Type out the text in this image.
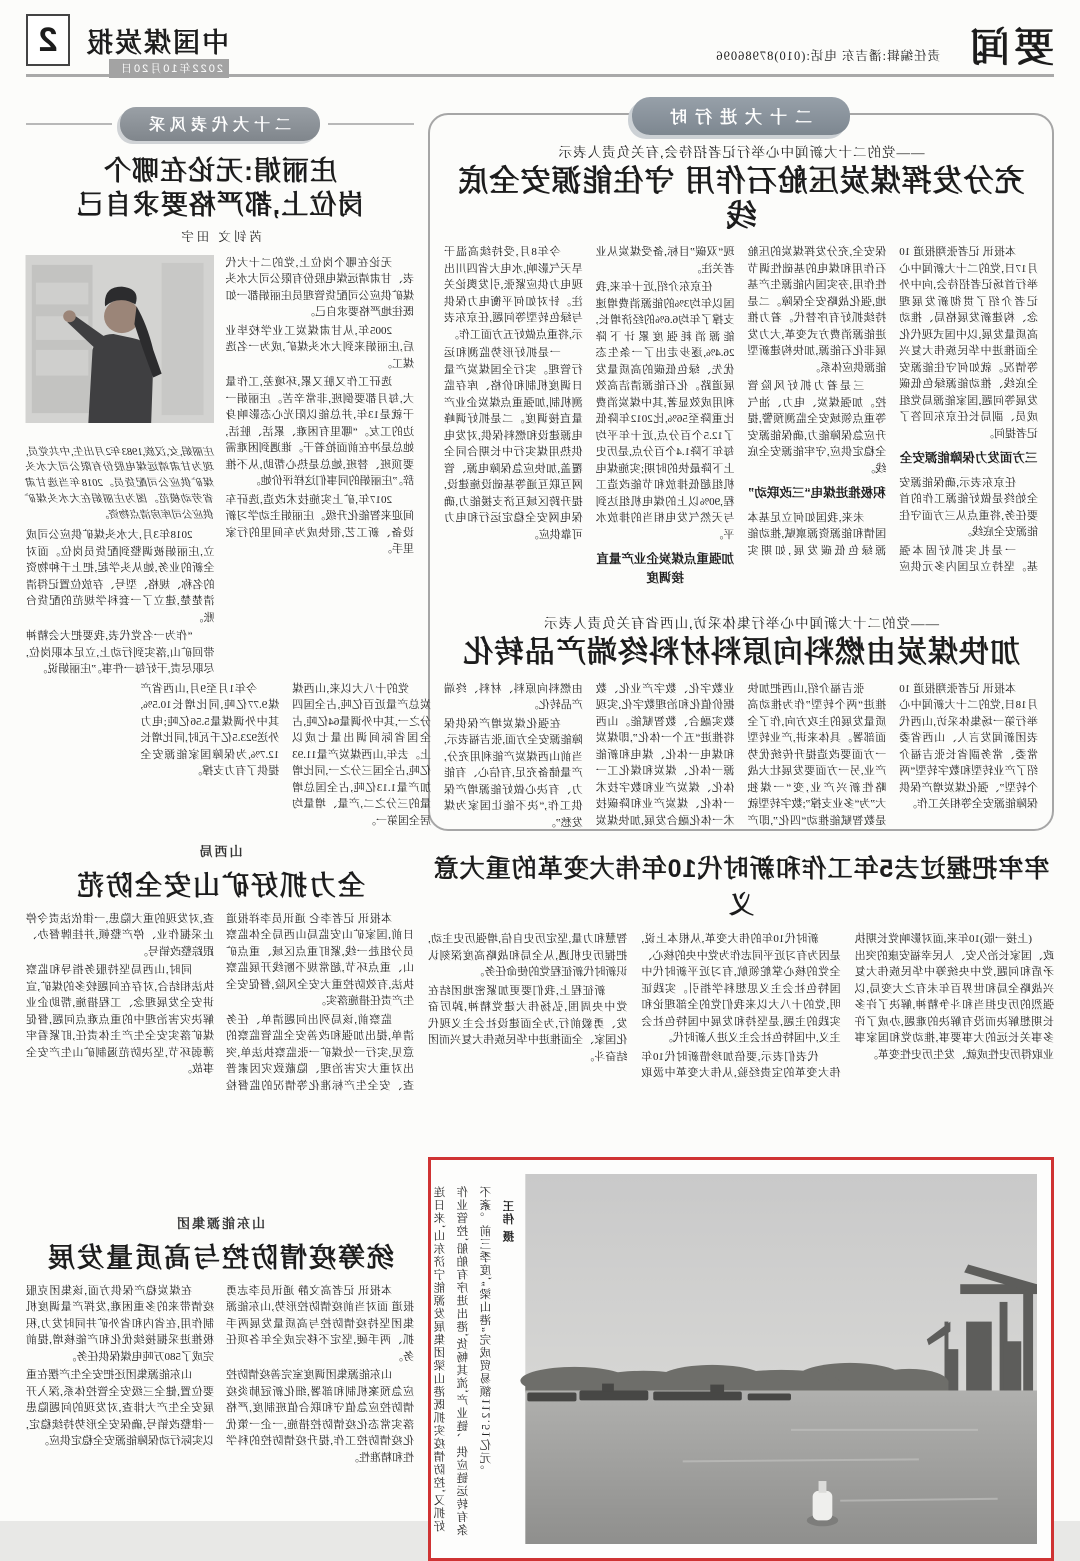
要闻
责任编辑:潘吉东 电话:(010)87986096
中国煤炭报
2022年10月20日
2
二十大进行时
——党的二十大新闻中心举行记者招待会,有关负责人表示
充分发挥煤炭压舱石作用 守住能源安全底线

本报讯 记者张翔报道 10月17日,党的二十大新闻中心举行首场记者招待会,向中外记者介绍了贯彻新发展理念、构建新发展格局、推动高质量发展,以中国式现代化全面推进中华民族伟大复兴等情况。就如何守住能源安全底线、推动能源绿色低碳发展等问题,国家能源局党组成员、副局长任京东回答了记者提问。

三方面发力保障能源安全

任京东表示,确保能源安全始终是做好能源工作的首要任务,将重点从三方面守住能源安全底线。

一是扎实抓好固本强基。坚持立足国内多元供应保安全,充分发挥煤炭的压舱石作用和煤电的基础性调节性作用,夯实国内能源生产基地,强化战略安全保障。二是持续抓好有序替代。着力推进能源消费方式变革,大力发展非化石能源,加快构建新型能源供应体系。

三是着力抓好风险管控。加强煤炭、电力、油气等重点领域安全监测预警,提升应急保障能力,确保能源安全稳定供应,守牢能源安全底线。

积极推进煤电“三改联动”

未来,我国如何立足基本国情和能源资源禀赋,推动能源绿色低碳发展,如期实现“双碳”目标,备受煤炭从业者关注。

任京东介绍,近十年来,我国以年均3%的能源消费增速支撑了年均6.6%的经济增长,能源消耗强度累计下降26.4%,逐步走出了一条生态优先、绿色低碳的高质量发展道路。化石能源清洁高效利用成效显著,其中煤炭消费比重降至56%,比2012年降低了12.5个百分点,近十年平均每年下降1.4个百分点,是历史上下降最快的时期;实施煤电机组超低排放和节能改造工程,90%以上的煤电机组达到与天然气发电相当的排放水平。

加强重点煤炭企业产量直接调度

今年8月,受持续高温干旱天气影响,水电大省四川出现电力供应紧张,引发舆论关注。针对如何平衡电力保供与绿色转型等问题,任京东表示,将重点做好五方面工作。

一是抓好形势监测和运行管理。实行全国煤炭产量日调度机制和价格、库存监测机制,加强重点煤炭企业产量直接调度。二是抓好调峰电源建设和燃料保供,对发电供热用煤实行中长期合同全覆盖,加快应急保障电源、管网互联互通等基础设施建设,提升跨区域互济支援能力,确保电网安全稳定运行和电力可靠供应。

——党的二十大新闻中心举行集体采访,山西省有关负责人表示
加快煤炭由燃料向原料材料终端产品转化

本报讯 记者张翔报道 10月18日,党的二十大新闻中心举行第一场集体采访,山西代表团新闻发言人、山西省委常委、常务副省长张吉福介绍了产业转型和数字转型“两个转型”、强化煤炭增产保供保障能源安全等相关工作。

张吉福介绍,山西把加快推进“两个转型”作为推动高质量发展的主攻方向,作了全面部署。具体来讲,产业转型一方面要改造提升传统优势产业,另一方面要发展壮大战略性新兴产业,变“一煤独大”为“多业支撑”;数字转型就是数智赋能推动“四化”,即产业数字化、数字产业化、数据价值化和治理数字化,实现数实融合、数智赋能。山西将推进“五个一体化”,即煤炭和煤电一体化、煤电和新能源一体化、煤炭和煤化工一体化、煤炭产业和数字技术一体化、煤炭产业和降碳技术一体化融合发展,加快煤炭由燃料向原料、材料、终端产品转化。

在强化煤炭增产保供保障能源安全方面,张吉福表示,当前山西煤炭产能利用充分,产量储备充足,有信心、有能力、有决心做好能源增产保供工作,“决不能让国家为煤发愁”。

党的十八大以来,山西煤炭总产量近百亿吨,占全国四分之一,其中外调量64亿吨,占全国省际间调出量七成以上。去年,山西煤炭产量11.93亿吨,占全国三分之一,同比增加产量1.13亿吨,占全国总增量的三分之二,产量、增量均居全国第一。

今年1月至9月,山西省产煤9.77亿吨,同比增长10.5%,其中外调煤量5.56亿吨;电力外送923.5亿千瓦时,同比增长12.7%,为保障国家能源安全提供了有力支撑。

牢牢把握过去5年工作和新时代10年伟大变革的重大意义

(上接一版)10年来,面对影响党长期执政、国家长治久安、人民幸福安康的突出矛盾和问题,党中央统筹中华民族伟大复兴战略全局和世界百年未有之大变局,以强烈的历史担当和斗争精神,解决了许多长期想解决而没有解决的难题,办成了许多事关长远的大事要事,推动党和国家事业取得历史性成就、发生历史性变革。

新时代10年的伟大变革,从根本上说,是因为有习近平同志作为党中央的核心、全党的核心掌舵领航,有习近平新时代中国特色社会主义思想科学指引。实践证明,党的十八大以来我们党的全部理论和实践的主题,是坚持和发展中国特色社会主义,中国特色社会主义进入新时代。

代表们表示,要倍加珍惜新时代10年伟大变革的宝贵经验,从伟大变革中汲取智慧和力量,坚定历史自信,增强历史主动,把握历史机遇,从全局和战略高度深刻认识新时代新征程党的使命任务。

新征程上,我们要更加紧密地团结在党中央周围,弘扬伟大建党精神,踔厉奋发、勇毅前行,为全面建设社会主义现代化国家、全面推进中华民族伟大复兴而团结奋斗。

连日来,山东济宁能源发展集团梁山港既抓实疫情防控,又抓好作业管控,船舶有序进出港,货畅其流,产业链、供应链运转有条不紊。前三季度,“梁山港”完成贸易额112.51亿元。 王伟 摄
二十大代表风采
庄丽娟:无论在哪个
岗位上,都严格要求自己
芮钊文 田宇

无论在哪个岗位上,党的二十大代表、甘肃靖远煤电股份有限公司大水头煤矿供应公司配货管理员庄丽娟都一如既往地严格要求自己。

2005年,从甘肃煤炭工业学校毕业后,庄丽娟来到大水头煤矿,成为一名选煤工。

选矸工作又脏又累,环境差,工作量大,每月都要倒班,非常辛苦。庄丽娟一干就是13年,并总能以阳光心态影响身边的工友。“哪里有困难、累活、脏活,她总是冲在前面抢着干。谁遇到困难需要顶班、替班,她总是热心帮助,从不推辞。”庄丽娟的同事们这样评价她。

2017年,矿上实施技术改造,选矸车间迎来智能化升级。庄丽娟主动学习新设备、新工艺,很快成为车间里的行家里手。

庄丽娟,女,汉族,1983年2月出生,中共党员,现为甘肃靖远煤电股份有限公司大水头煤矿供应公司配货员。2018年当选甘肃省劳动模范。图为庄丽娟在大水头煤矿供应公司库房清点物资。

2018年3月,大水头煤矿供应公司成立,庄丽娟被调整到配货员岗位。面对全新的业务,她从头学起,把上千种物资的名称、规格、型号、存放位置记得清清楚楚,建立了一套科学规范的配货台账。

“作为一名党代表,我要把大会精神带回矿山,落实到行动上,立足本职岗位,尽职尽责,干好每一件事。”庄丽娟说。

山西局
全力抓好矿山安全防范

本报讯 记者李仑 通讯员李祥报道 日前,国家矿山安监局山西局全体监察员分组赴一线,紧盯重点区域、重点矿山、重点环节,超常规不断线开展监察执法,有效防控重大安全风险,督促安全生产责任措施落实。

监察前,该局列出问题清单、任务清单,提出加强和改善安全监管监察的意见,实行一处煤矿一张监察执法单,突出对重大灾害治理、隐蔽致灾因素普查、安全生产标准化等情况的监督检查,对发现的重大隐患,一律依法责令停止采掘作业、停产整顿,并挂牌督办、跟踪整改销号。

同时,山西局坚持服务指导和监察执法相结合,对存在问题较多的煤矿,宣讲安全发展理念、工程措施,帮助企业解决灾害治理中的重点难点问题,督促煤矿落实安全生产主体责任,盯紧看牢薄弱环节,坚决防范遏制矿山生产安全事故。

山东能源集团
统筹疫情防控与高质量发展

本报讯 记者高文静 通讯员李志勇报道 面对当前疫情防控形势,山东能源集团坚持疫情防控与高质量发展两手抓、两手硬,坚定不移完成全年各项任务。

山东能源集团调度室完善疫情防控应急预案机制和部署,细化新冠肺炎疫情防控应急值守和联合值班制度,严格落实常态化疫情防控措施,一企一策优化疫情防控工作,提升疫情防控的科学性和精准性。

在煤炭稳产保供方面,该集团克服疫情带来的多重困难,发挥产量调度机制作用,在省内和省外矿井同时发力,积极推进采掘接续优化和产能核增,提前完成了580万吨电煤保供任务。

山东能源集团还把安全生产摆在重要位置,健全三级安全管控体系,深入开展安全生产大排查,对发现的问题隐患一律整改销号,确保安全形势持续稳定,以实际行动保障能源安全稳定供应。
